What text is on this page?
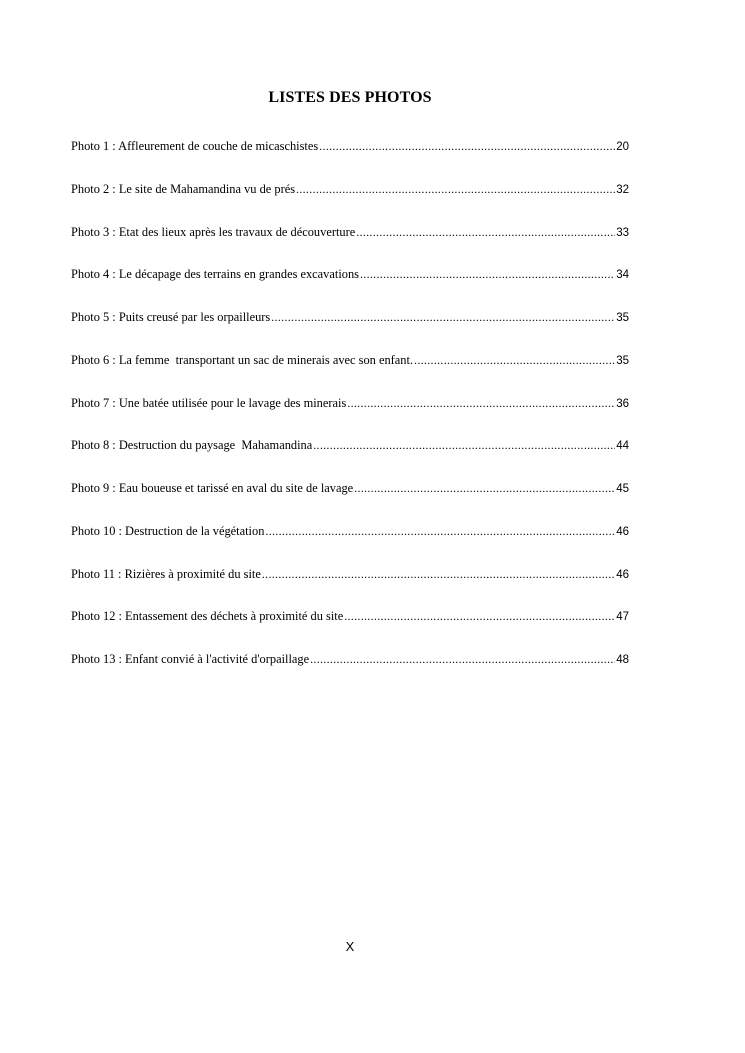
LISTES DES PHOTOS
Photo 1 : Affleurement de couche de micaschistes .....	20
Photo 2 : Le site de Mahamandina vu de prés .....	32
Photo 3 : Etat des lieux après les travaux de découverture .....	33
Photo 4 : Le décapage des terrains en grandes excavations .....	34
Photo 5 : Puits creusé par les orpailleurs .....	35
Photo 6 : La femme  transportant un sac de minerais avec son enfant. .....	35
Photo 7 : Une batée utilisée pour le lavage des minerais .....	36
Photo 8 : Destruction du paysage  Mahamandina .....	44
Photo 9 : Eau boueuse et tarissé en aval du site de lavage .....	45
Photo 10 : Destruction de la végétation .....	46
Photo 11 : Rizières à proximité du site .....	46
Photo 12 : Entassement des déchets à proximité du site .....	47
Photo 13 : Enfant convié à l'activité d'orpaillage .....	48
X
